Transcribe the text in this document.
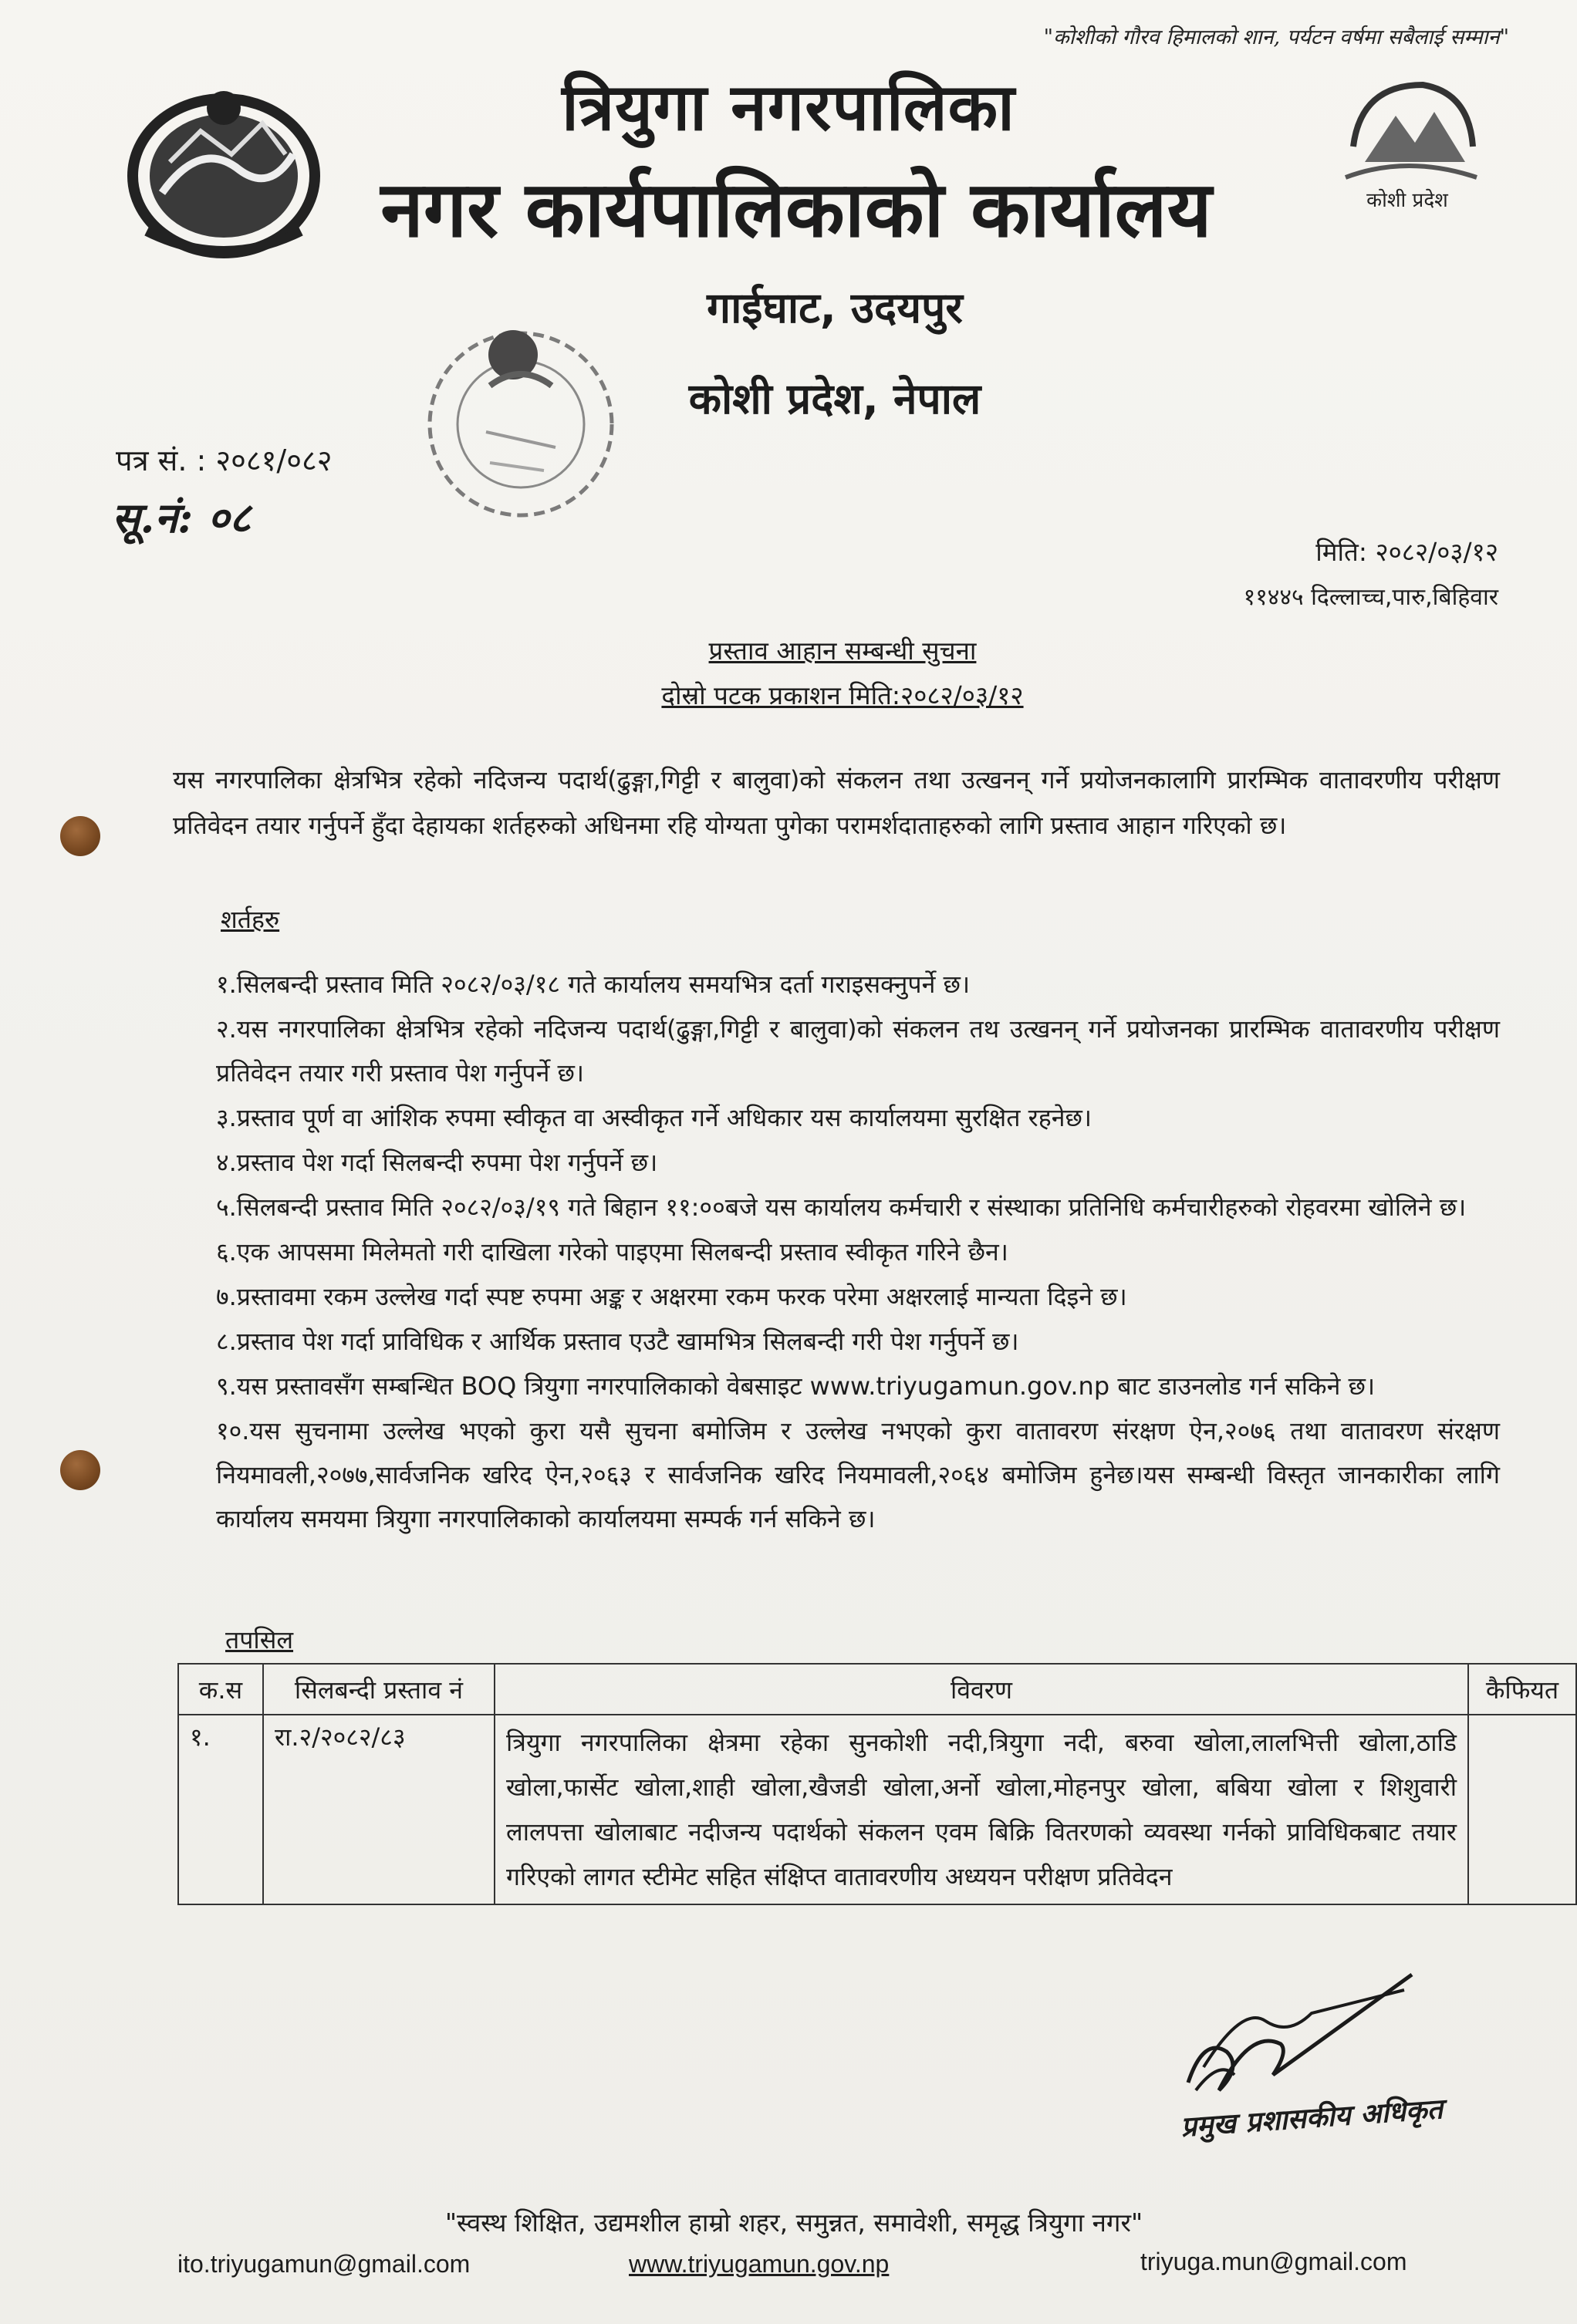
"कोशीको गौरव हिमालको शान, पर्यटन वर्षमा सबैलाई सम्मान"
त्रियुगा नगरपालिका
नगर कार्यपालिकाको कार्यालय	कोशी प्रदेश
गाईघाट, उदयपुर
कोशी प्रदेश, नेपाल
पत्र सं. : २०८१/०८२
सू.नं: ०८
मिति: २०८२/०३/१२
११४४५ दिल्लाच्च,पारु,बिहिवार
प्रस्ताव आहान सम्बन्धी सुचना
दोस्रो पटक प्रकाशन मिति:२०८२/०३/१२

यस नगरपालिका क्षेत्रभित्र रहेको नदिजन्य पदार्थ(ढुङ्गा,गिट्टी र बालुवा)को संकलन तथा उत्खनन् गर्ने प्रयोजनकालागि प्रारम्भिक वातावरणीय परीक्षण प्रतिवेदन तयार गर्नुपर्ने हुँदा देहायका शर्तहरुको अधिनमा रहि योग्यता पुगेका परामर्शदाताहरुको लागि प्रस्ताव आहान गरिएको छ।

शर्तहरु
१.सिलबन्दी प्रस्ताव मिति २०८२/०३/१८ गते कार्यालय समयभित्र दर्ता गराइसक्नुपर्ने छ।
२.यस नगरपालिका क्षेत्रभित्र रहेको नदिजन्य पदार्थ(ढुङ्गा,गिट्टी र बालुवा)को संकलन तथ उत्खनन् गर्ने प्रयोजनका प्रारम्भिक वातावरणीय परीक्षण प्रतिवेदन तयार गरी प्रस्ताव पेश गर्नुपर्ने छ।
३.प्रस्ताव पूर्ण वा आंशिक रुपमा स्वीकृत वा अस्वीकृत गर्ने अधिकार यस कार्यालयमा सुरक्षित रहनेछ।
४.प्रस्ताव पेश गर्दा सिलबन्दी रुपमा पेश गर्नुपर्ने छ।
५.सिलबन्दी प्रस्ताव मिति २०८२/०३/१९ गते बिहान ११:००बजे यस कार्यालय कर्मचारी र संस्थाका प्रतिनिधि कर्मचारीहरुको रोहवरमा खोलिने छ।
६.एक आपसमा मिलेमतो गरी दाखिला गरेको पाइएमा सिलबन्दी प्रस्ताव स्वीकृत गरिने छैन।
७.प्रस्तावमा रकम उल्लेख गर्दा स्पष्ट रुपमा अङ्क र अक्षरमा रकम फरक परेमा अक्षरलाई मान्यता दिइने छ।
८.प्रस्ताव पेश गर्दा प्राविधिक र आर्थिक प्रस्ताव एउटै खामभित्र सिलबन्दी गरी पेश गर्नुपर्ने छ।
९.यस प्रस्तावसँग सम्बन्धित BOQ त्रियुगा नगरपालिकाको वेबसाइट www.triyugamun.gov.np बाट डाउनलोड गर्न सकिने छ।
१०.यस सुचनामा उल्लेख भएको कुरा यसै सुचना बमोजिम र उल्लेख नभएको कुरा वातावरण संरक्षण ऐन,२०७६ तथा वातावरण संरक्षण नियमावली,२०७७,सार्वजनिक खरिद ऐन,२०६३ र सार्वजनिक खरिद नियमावली,२०६४ बमोजिम हुनेछ।यस सम्बन्धी विस्तृत जानकारीका लागि कार्यालय समयमा त्रियुगा नगरपालिकाको कार्यालयमा सम्पर्क गर्न सकिने छ।
तपसिल
क.स	सिलबन्दी प्रस्ताव नं	विवरण	कैफियत
१.	रा.२/२०८२/८३	त्रियुगा नगरपालिका क्षेत्रमा रहेका सुनकोशी नदी,त्रियुगा नदी, बरुवा खोला,लालभित्ती खोला,ठाडि खोला,फार्सेट खोला,शाही खोला,खैजडी खोला,अर्नो खोला,मोहनपुर खोला, बबिया खोला र शिशुवारी लालपत्ता खोलाबाट नदीजन्य पदार्थको संकलन एवम बिक्रि वितरणको व्यवस्था गर्नको प्राविधिकबाट तयार गरिएको लागत स्टीमेट सहित संक्षिप्त वातावरणीय अध्ययन परीक्षण प्रतिवेदन	
प्रमुख प्रशासकीय अधिकृत
"स्वस्थ शिक्षित, उद्यमशील हाम्रो शहर, समुन्नत, समावेशी, समृद्ध त्रियुगा नगर"
ito.triyugamun@gmail.com	www.triyugamun.gov.np	triyuga.mun@gmail.com
